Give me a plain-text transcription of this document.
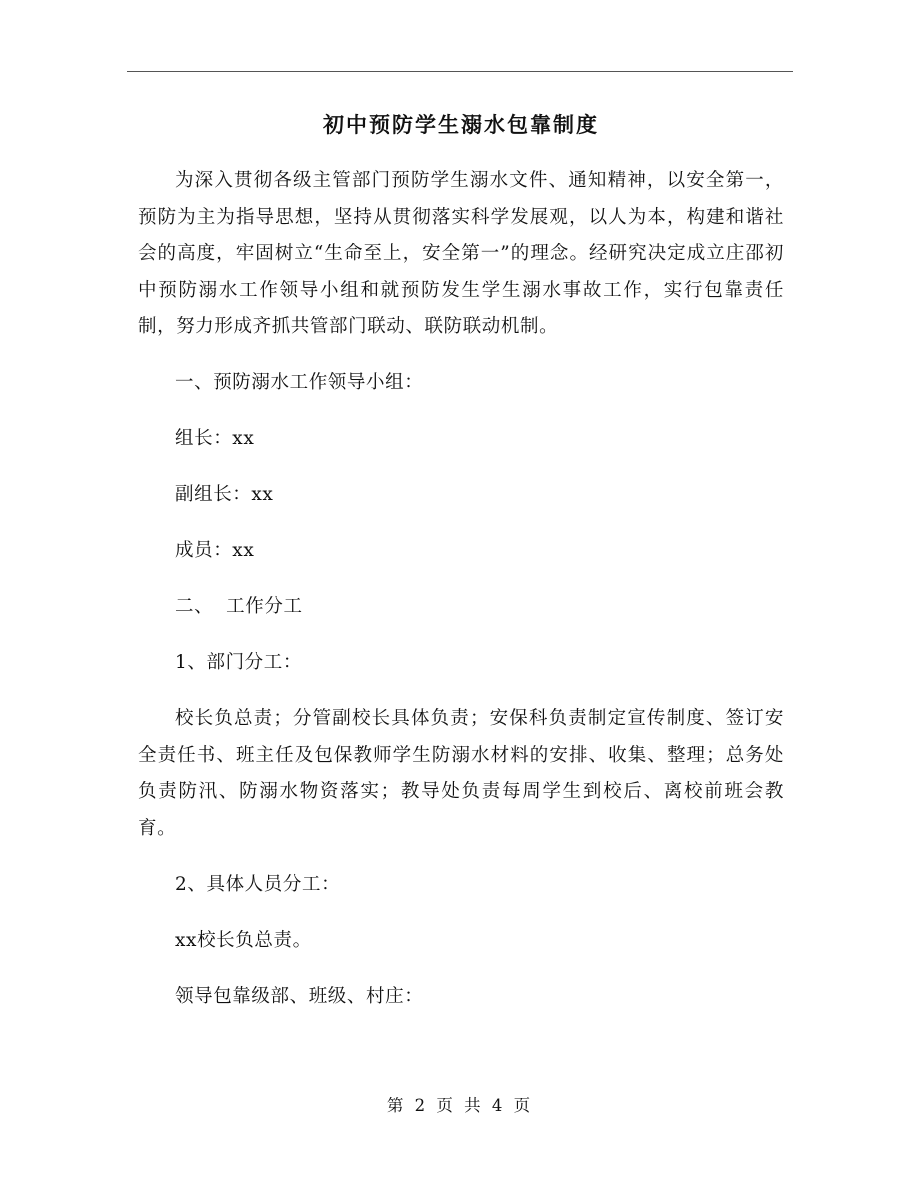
初中预防学生溺水包靠制度

为深入贯彻各级主管部门预防学生溺水文件、通知精神，以安全第一，预防为主为指导思想，坚持从贯彻落实科学发展观，以人为本，构建和谐社会的高度，牢固树立“生命至上，安全第一”的理念。经研究决定成立庄邵初中预防溺水工作领导小组和就预防发生学生溺水事故工作，实行包靠责任制，努力形成齐抓共管部门联动、联防联动机制。

一、预防溺水工作领导小组：

组长：xx

副组长：xx

成员：xx

二、  工作分工

1、部门分工：

校长负总责；分管副校长具体负责；安保科负责制定宣传制度、签订安全责任书、班主任及包保教师学生防溺水材料的安排、收集、整理；总务处负责防汛、防溺水物资落实；教导处负责每周学生到校后、离校前班会教育。

2、具体人员分工：

xx校长负总责。

领导包靠级部、班级、村庄：

第 2 页 共 4 页
